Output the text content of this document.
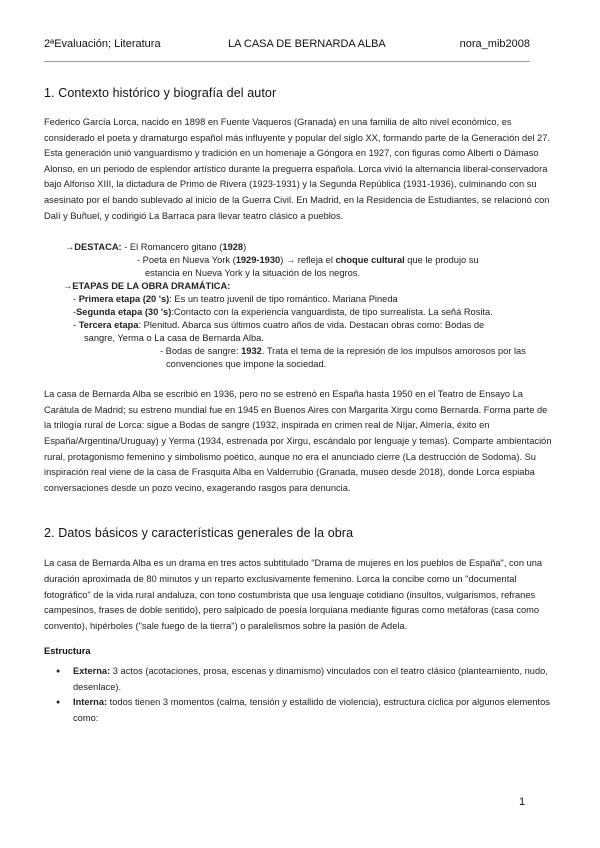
2ªEvaluación; Literatura	LA CASA DE BERNARDA ALBA	nora_mib2008
1. Contexto histórico y biografía del autor

Federico García Lorca, nacido en 1898 en Fuente Vaqueros (Granada) en una familia de alto nivel económico, es considerado el poeta y dramaturgo español más influyente y popular del siglo XX, formando parte de la Generación del 27. Esta generación unió vanguardismo y tradición en un homenaje a Góngora en 1927, con figuras como Alberti o Dámaso Alonso, en un periodo de esplendor artístico durante la preguerra española. Lorca vivió la alternancia liberal-conservadora bajo Alfonso XIII, la dictadura de Primo de Rivera (1923-1931) y la Segunda República (1931-1936), culminando con su asesinato por el bando sublevado al inicio de la Guerra Civil. En Madrid, en la Residencia de Estudiantes, se relacionó con Dalí y Buñuel, y codirigió La Barraca para llevar teatro clásico a pueblos.

→DESTACA: - El Romancero gitano (1928)
- Poeta en Nueva York (1929-1930) → refleja el choque cultural que le produjo su
estancia en Nueva York y la situación de los negros.
→ETAPAS DE LA OBRA DRAMÁTICA:
- Primera etapa (20 's): Es un teatro juvenil de tipo romántico. Mariana Pineda
-Segunda etapa (30 's):Contacto con la experiencia vanguardista, de tipo surrealista. La señá Rosita.
- Tercera etapa: Plenitud. Abarca sus últimos cuatro años de vida. Destacan obras como: Bodas de
sangre, Yerma o La casa de Bernarda Alba.
- Bodas de sangre: 1932. Trata el tema de la represión de los impulsos amorosos por las
convenciones que impone la sociedad.

La casa de Bernarda Alba se escribió en 1936, pero no se estrenó en España hasta 1950 en el Teatro de Ensayo La Carátula de Madrid; su estreno mundial fue en 1945 en Buenos Aires con Margarita Xirgu como Bernarda. Forma parte de la trilogía rural de Lorca: sigue a Bodas de sangre (1932, inspirada en crimen real de Níjar, Almería, éxito en España/Argentina/Uruguay) y Yerma (1934, estrenada por Xirgu, escándalo por lenguaje y temas). Comparte ambientación rural, protagonismo femenino y simbolismo poético, aunque no era el anunciado cierre (La destrucción de Sodoma). Su inspiración real viene de la casa de Frasquita Alba en Valderrubio (Granada, museo desde 2018), donde Lorca espiaba conversaciones desde un pozo vecino, exagerando rasgos para denuncia.

2. Datos básicos y características generales de la obra

La casa de Bernarda Alba es un drama en tres actos subtitulado "Drama de mujeres en los pueblos de España", con una duración aproximada de 80 minutos y un reparto exclusivamente femenino. Lorca la concibe como un "documental fotográfico" de la vida rural andaluza, con tono costumbrista que usa lenguaje cotidiano (insultos, vulgarismos, refranes campesinos, frases de doble sentido), pero salpicado de poesía lorquiana mediante figuras como metáforas (casa como convento), hipérboles ("sale fuego de la tierra") o paralelismos sobre la pasión de Adela.

Estructura
● Externa: 3 actos (acotaciones, prosa, escenas y dinamismo) vinculados con el teatro clásico (planteamiento, nudo, desenlace).
● Interna: todos tienen 3 momentos (calma, tensión y estallido de violencia), estructura cíclica por algunos elementos como:
1
